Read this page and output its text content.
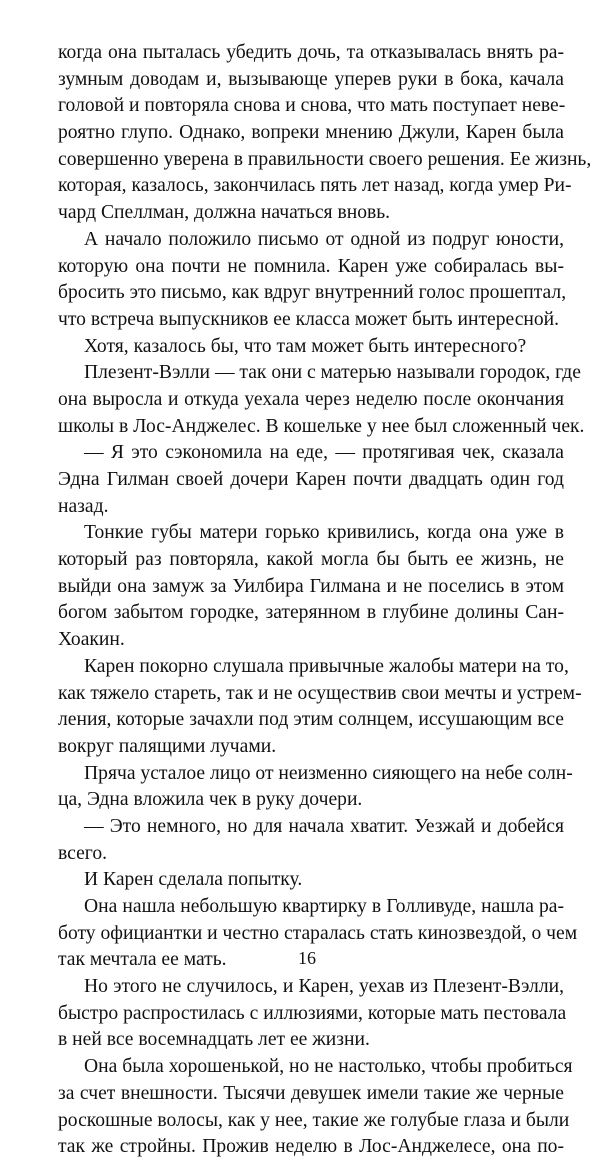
когда она пыталась убедить дочь, та отказывалась внять ра-
зумным доводам и, вызывающе уперев руки в бока, качала
головой и повторяла снова и снова, что мать поступает неве-
роятно глупо. Однако, вопреки мнению Джули, Карен была
совершенно уверена в правильности своего решения. Ее жизнь,
которая, казалось, закончилась пять лет назад, когда умер Ри-
чард Спеллман, должна начаться вновь.
А начало положило письмо от одной из подруг юности,
которую она почти не помнила. Карен уже собиралась вы-
бросить это письмо, как вдруг внутренний голос прошептал,
что встреча выпускников ее класса может быть интересной.
Хотя, казалось бы, что там может быть интересного?
Плезент-Вэлли — так они с матерью называли городок, где
она выросла и откуда уехала через неделю после окончания
школы в Лос-Анджелес. В кошельке у нее был сложенный чек.
— Я это сэкономила на еде, — протягивая чек, сказала
Эдна Гилман своей дочери Карен почти двадцать один год
назад.
Тонкие губы матери горько кривились, когда она уже в
который раз повторяла, какой могла бы быть ее жизнь, не
выйди она замуж за Уилбира Гилмана и не поселись в этом
богом забытом городке, затерянном в глубине долины Сан-
Хоакин.
Карен покорно слушала привычные жалобы матери на то,
как тяжело стареть, так и не осуществив свои мечты и устрем-
ления, которые зачахли под этим солнцем, иссушающим все
вокруг палящими лучами.
Пряча усталое лицо от неизменно сияющего на небе солн-
ца, Эдна вложила чек в руку дочери.
— Это немного, но для начала хватит. Уезжай и добейся
всего.
И Карен сделала попытку.
Она нашла небольшую квартирку в Голливуде, нашла ра-
боту официантки и честно старалась стать кинозвездой, о чем
так мечтала ее мать.
Но этого не случилось, и Карен, уехав из Плезент-Вэлли,
быстро распростилась с иллюзиями, которые мать пестовала
в ней все восемнадцать лет ее жизни.
Она была хорошенькой, но не настолько, чтобы пробиться
за счет внешности. Тысячи девушек имели такие же черные
роскошные волосы, как у нее, такие же голубые глаза и были
так же стройны. Прожив неделю в Лос-Анджелесе, она по-
16
